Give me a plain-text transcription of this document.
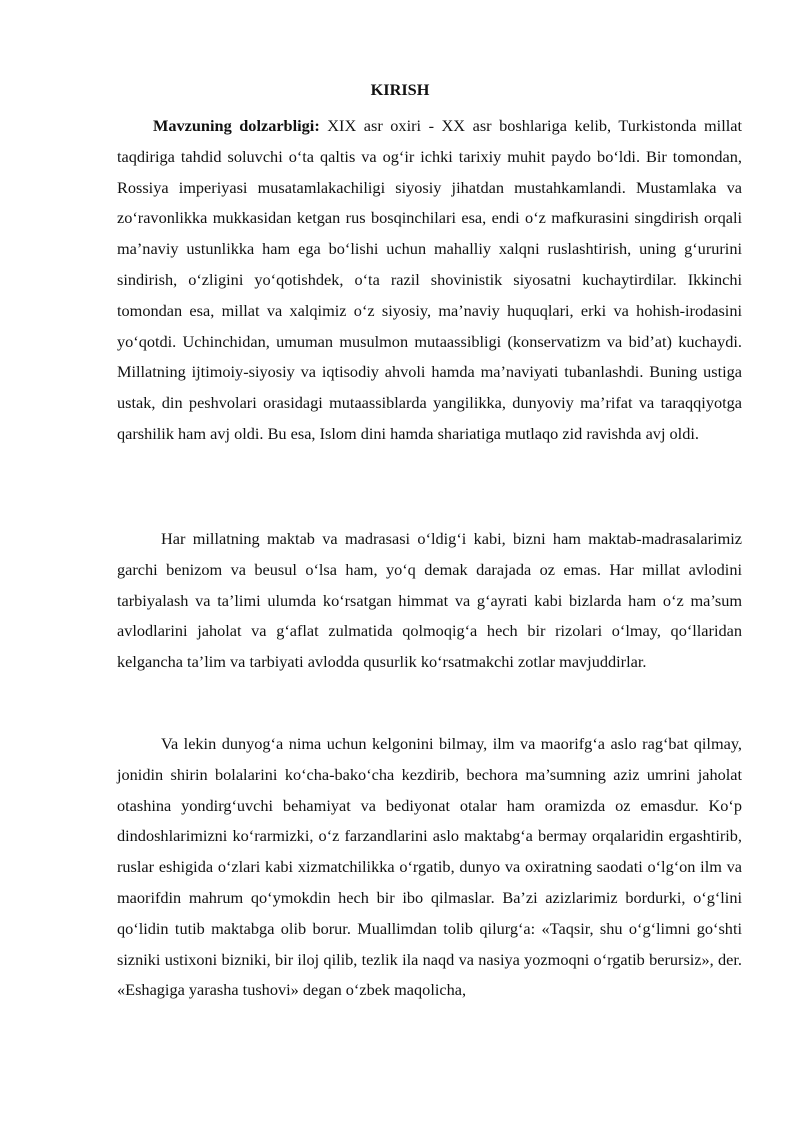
KIRISH

Mavzuning dolzarbligi: XIX asr oxiri - XX asr boshlariga kelib, Turkistonda millat taqdiriga tahdid soluvchi o‘ta qaltis va og‘ir ichki tarixiy muhit paydo bo‘ldi. Bir tomondan, Rossiya imperiyasi musatamlakachiligi siyosiy jihatdan mustahkamlandi. Mustamlaka va zo‘ravonlikka mukkasidan ketgan rus bosqinchilari esa, endi o‘z mafkurasini singdirish orqali ma’naviy ustunlikka ham ega bo‘lishi uchun mahalliy xalqni ruslashtirish, uning g‘ururini sindirish, o‘zligini yo‘qotishdek, o‘ta razil shovinistik siyosatni kuchaytirdilar. Ikkinchi tomondan esa, millat va xalqimiz o‘z siyosiy, ma’naviy huquqlari, erki va hohish-irodasini yo‘qotdi. Uchinchidan, umuman musulmon mutaassibligi (konservatizm va bid’at) kuchaydi. Millatning ijtimoiy-siyosiy va iqtisodiy ahvoli hamda ma’naviyati tubanlashdi. Buning ustiga ustak, din peshvolari orasidagi mutaassiblarda yangilikka, dunyoviy ma’rifat va taraqqiyotga qarshilik ham avj oldi. Bu esa, Islom dini hamda shariatiga mutlaqo zid ravishda avj oldi.

Har millatning maktab va madrasasi o‘ldig‘i kabi, bizni ham maktab-madrasalarimiz garchi benizom va beusul o‘lsa ham, yo‘q demak darajada oz emas. Har millat avlodini tarbiyalash va ta’limi ulumda ko‘rsatgan himmat va g‘ayrati kabi bizlarda ham o‘z ma’sum avlodlarini jaholat va g‘aflat zulmatida qolmoqig‘a hech bir rizolari o‘lmay, qo‘llaridan kelgancha ta’lim va tarbiyati avlodda qusurlik ko‘rsatmakchi zotlar mavjuddirlar.

Va lekin dunyog‘a nima uchun kelgonini bilmay, ilm va maorifg‘a aslo rag‘bat qilmay, jonidin shirin bolalarini ko‘cha-bako‘cha kezdirib, bechora ma’sumning aziz umrini jaholat otashina yondirg‘uvchi behamiyat va bediyonat otalar ham oramizda oz emasdur. Ko‘p dindoshlarimizni ko‘rarmizki, o‘z farzandlarini aslo maktabg‘a bermay orqalaridin ergashtirib, ruslar eshigida o‘zlari kabi xizmatchilikka o‘rgatib, dunyo va oxiratning saodati o‘lg‘on ilm va maorifdin mahrum qo‘ymokdin hech bir ibo qilmaslar. Ba’zi azizlarimiz bordurki, o‘g‘lini qo‘lidin tutib maktabga olib borur. Muallimdan tolib qilurg‘a: «Taqsir, shu o‘g‘limni go‘shti sizniki ustixoni bizniki, bir iloj qilib, tezlik ila naqd va nasiya yozmoqni o‘rgatib berursiz», der. «Eshagiga yarasha tushovi» degan o‘zbek maqolicha,
